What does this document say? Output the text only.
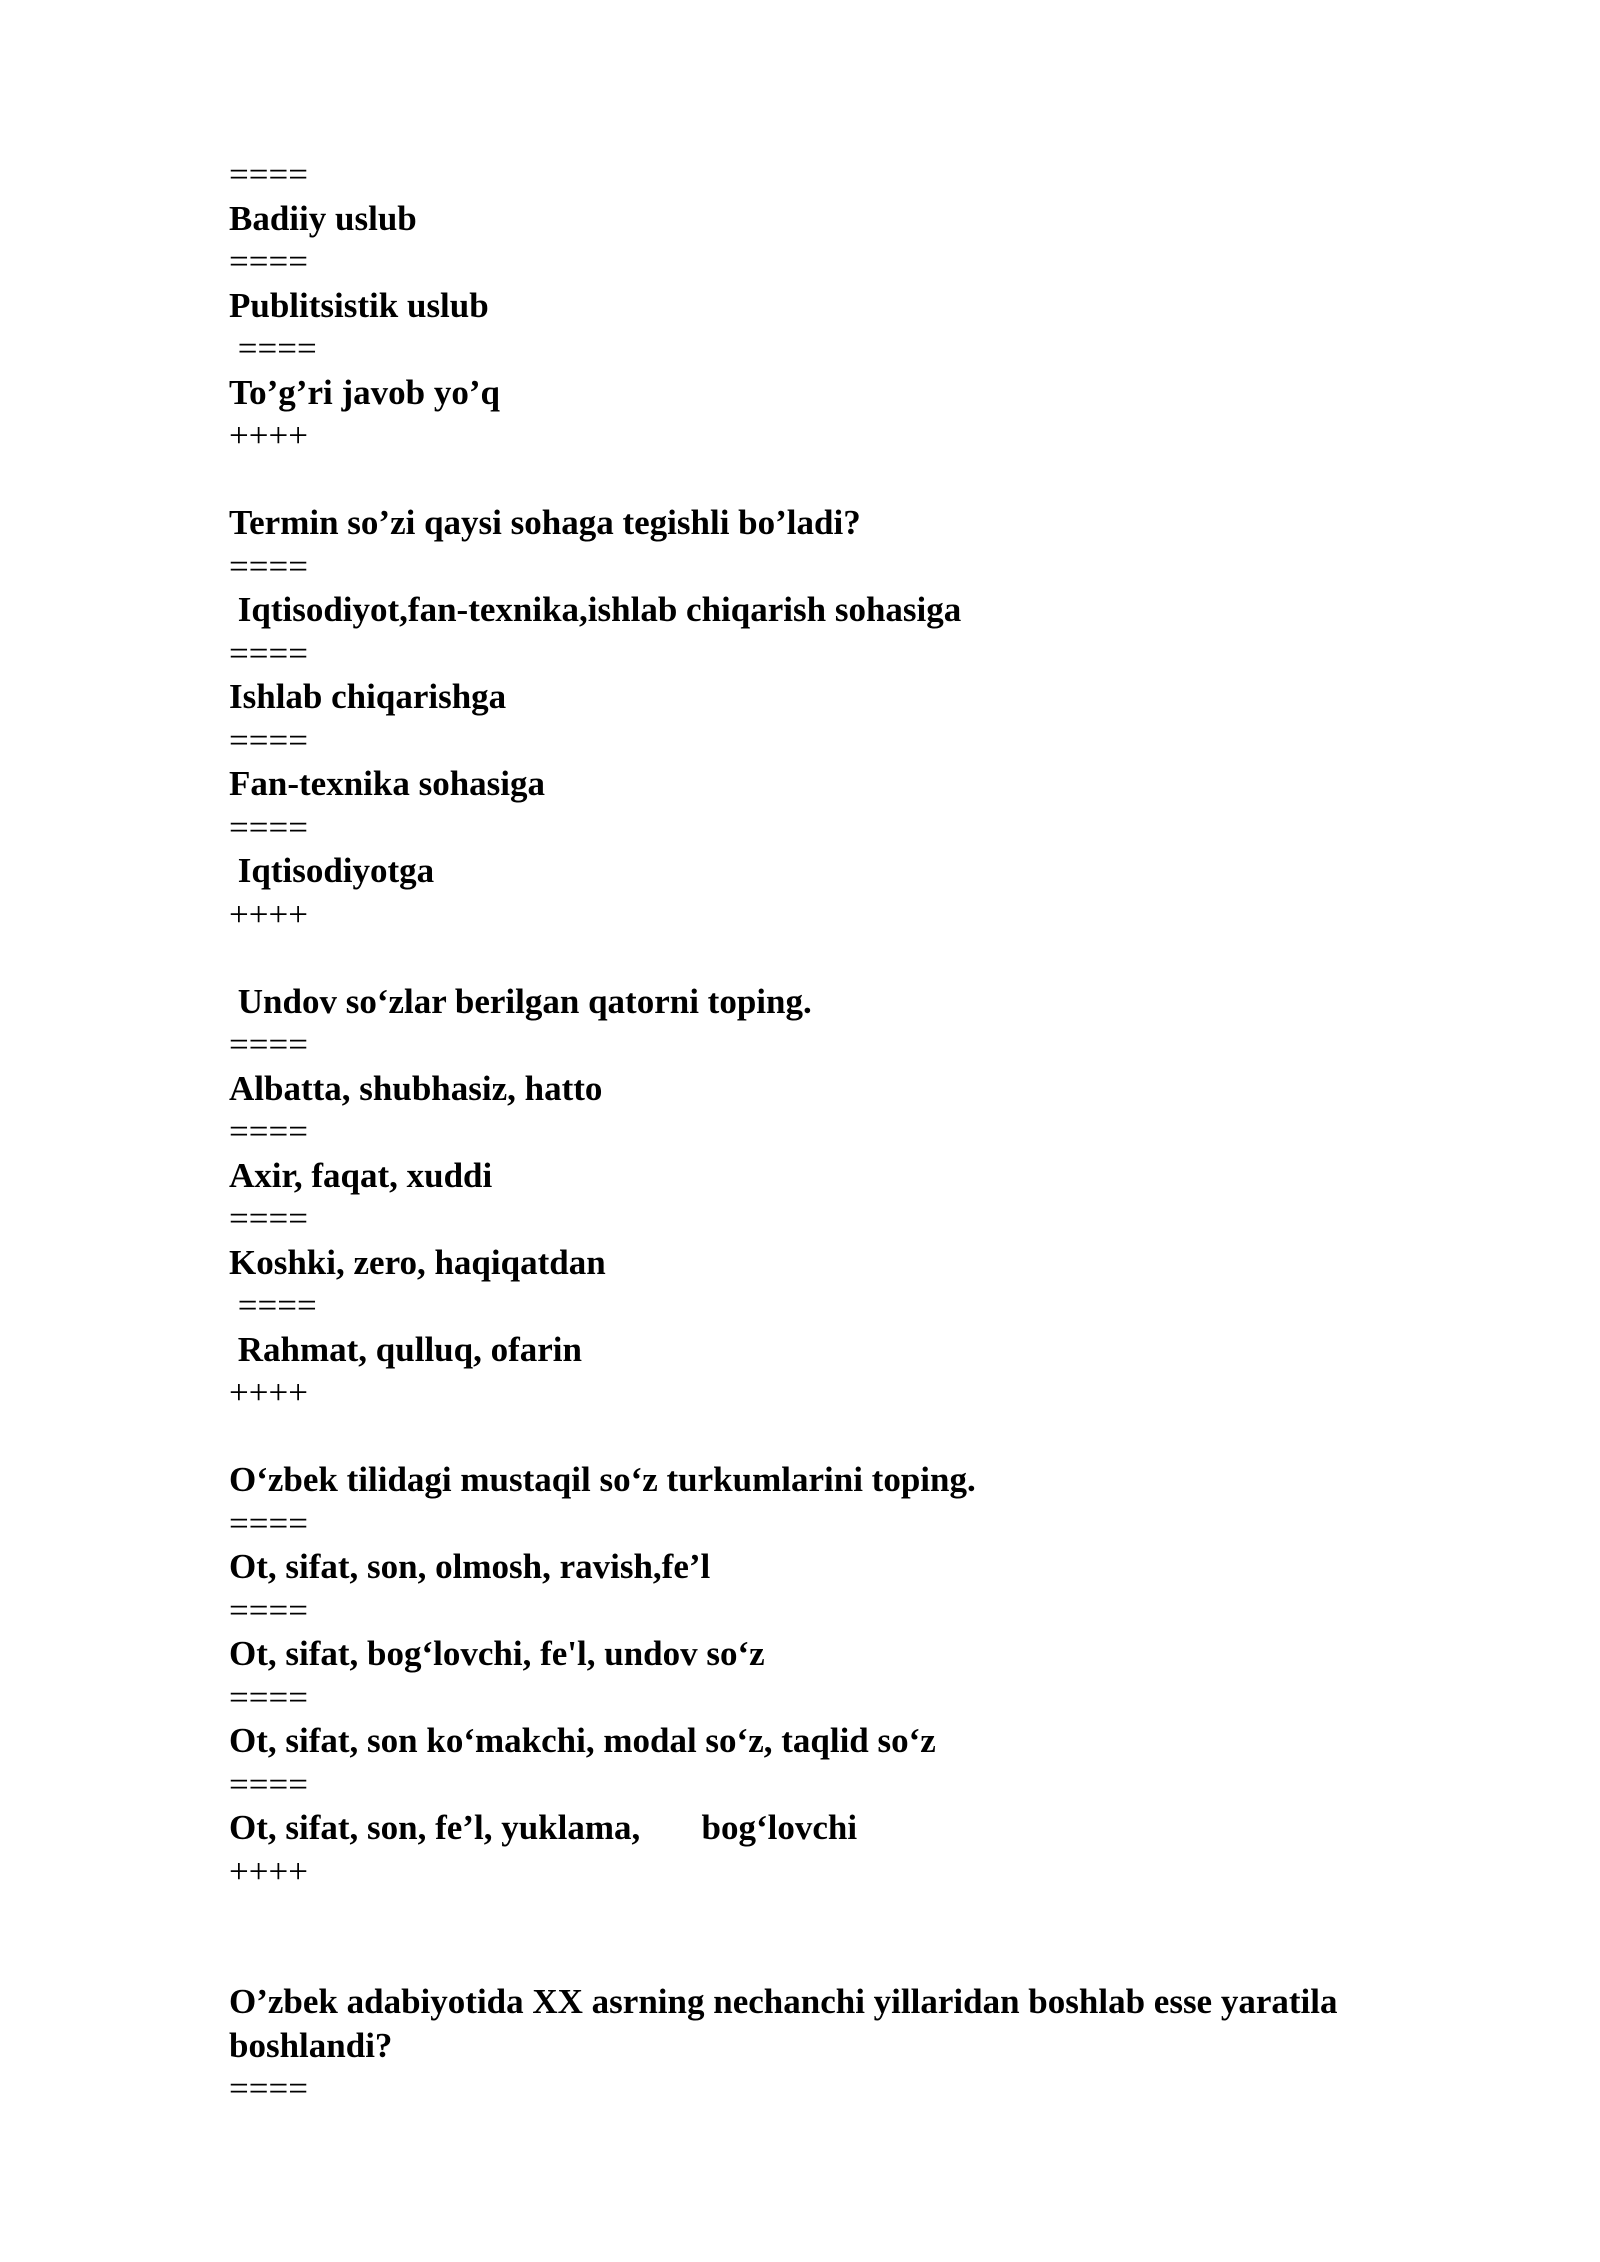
====
Badiiy uslub
====
Publitsistik uslub
====
To’g’ri javob yo’q
++++
Termin so’zi qaysi sohaga tegishli bo’ladi?
====
Iqtisodiyot,fan-texnika,ishlab chiqarish sohasiga
====
Ishlab chiqarishga
====
Fan-texnika sohasiga
====
Iqtisodiyotga
++++
Undov so‘zlar berilgan qatorni toping.
====
Albatta, shubhasiz, hatto
====
Axir, faqat, xuddi
====
Koshki, zero, haqiqatdan
====
Rahmat, qulluq, ofarin
++++
O‘zbek tilidagi mustaqil so‘z turkumlarini toping.
====
Ot, sifat, son, olmosh, ravish,fe’l
====
Ot, sifat, bog‘lovchi, fe'l, undov so‘z
====
Ot, sifat, son ko‘makchi, modal so‘z, taqlid so‘z
====
Ot, sifat, son, fe’l, yuklama,       bog‘lovchi
++++
O’zbek adabiyotida XX asrning nechanchi yillaridan boshlab esse yaratila boshlandi?
====
